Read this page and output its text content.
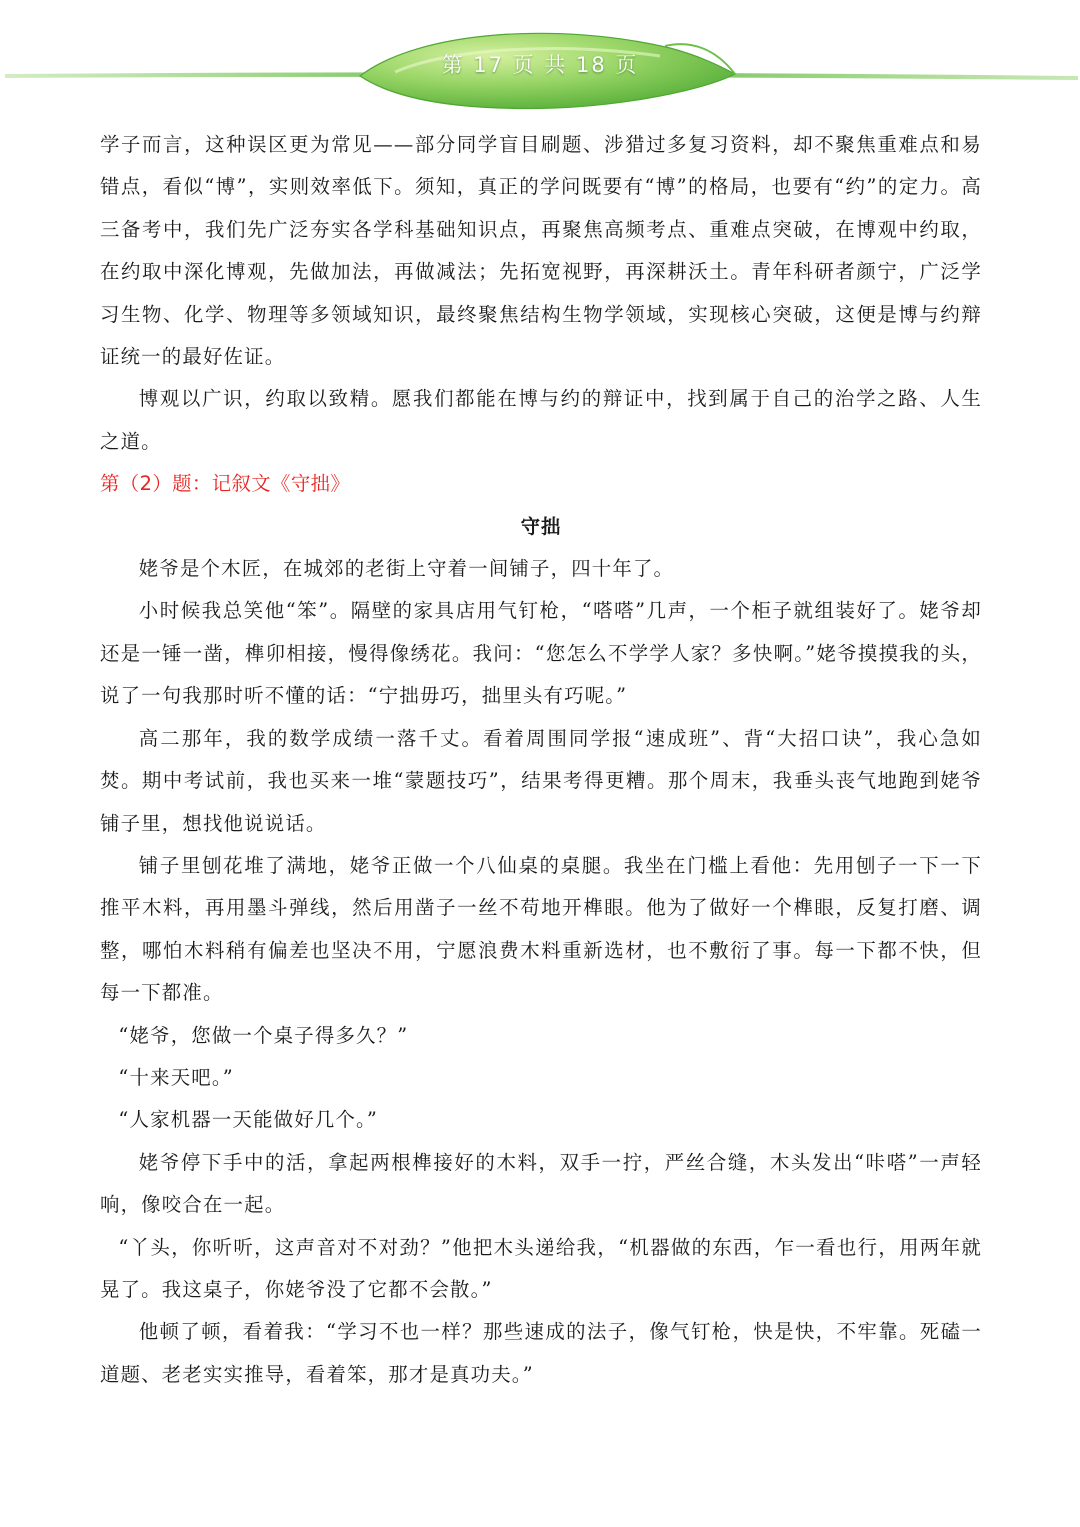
第 17 页 共 18 页

学子而言，这种误区更为常见——部分同学盲目刷题、涉猎过多复习资料，却不聚焦重难点和易错点，看似“博”，实则效率低下。须知，真正的学问既要有“博”的格局，也要有“约”的定力。高三备考中，我们先广泛夯实各学科基础知识点，再聚焦高频考点、重难点突破，在博观中约取，在约取中深化博观，先做加法，再做减法；先拓宽视野，再深耕沃土。青年科研者颜宁，广泛学习生物、化学、物理等多领域知识，最终聚焦结构生物学领域，实现核心突破，这便是博与约辩证统一的最好佐证。

博观以广识，约取以致精。愿我们都能在博与约的辩证中，找到属于自己的治学之路、人生之道。

第（2）题：记叙文《守拙》

守拙

姥爷是个木匠，在城郊的老街上守着一间铺子，四十年了。

小时候我总笑他“笨”。隔壁的家具店用气钉枪，“嗒嗒”几声，一个柜子就组装好了。姥爷却还是一锤一凿，榫卯相接，慢得像绣花。我问：“您怎么不学学人家？多快啊。”姥爷摸摸我的头，说了一句我那时听不懂的话：“宁拙毋巧，拙里头有巧呢。”

高二那年，我的数学成绩一落千丈。看着周围同学报“速成班”、背“大招口诀”，我心急如焚。期中考试前，我也买来一堆“蒙题技巧”，结果考得更糟。那个周末，我垂头丧气地跑到姥爷铺子里，想找他说说话。

铺子里刨花堆了满地，姥爷正做一个八仙桌的桌腿。我坐在门槛上看他：先用刨子一下一下推平木料，再用墨斗弹线，然后用凿子一丝不苟地开榫眼。他为了做好一个榫眼，反复打磨、调整，哪怕木料稍有偏差也坚决不用，宁愿浪费木料重新选材，也不敷衍了事。每一下都不快，但每一下都准。

“姥爷，您做一个桌子得多久？”

“十来天吧。”

“人家机器一天能做好几个。”

姥爷停下手中的活，拿起两根榫接好的木料，双手一拧，严丝合缝，木头发出“咔嗒”一声轻响，像咬合在一起。

“丫头，你听听，这声音对不对劲？”他把木头递给我，“机器做的东西，乍一看也行，用两年就晃了。我这桌子，你姥爷没了它都不会散。”

他顿了顿，看着我：“学习不也一样？那些速成的法子，像气钉枪，快是快，不牢靠。死磕一道题、老老实实推导，看着笨，那才是真功夫。”
